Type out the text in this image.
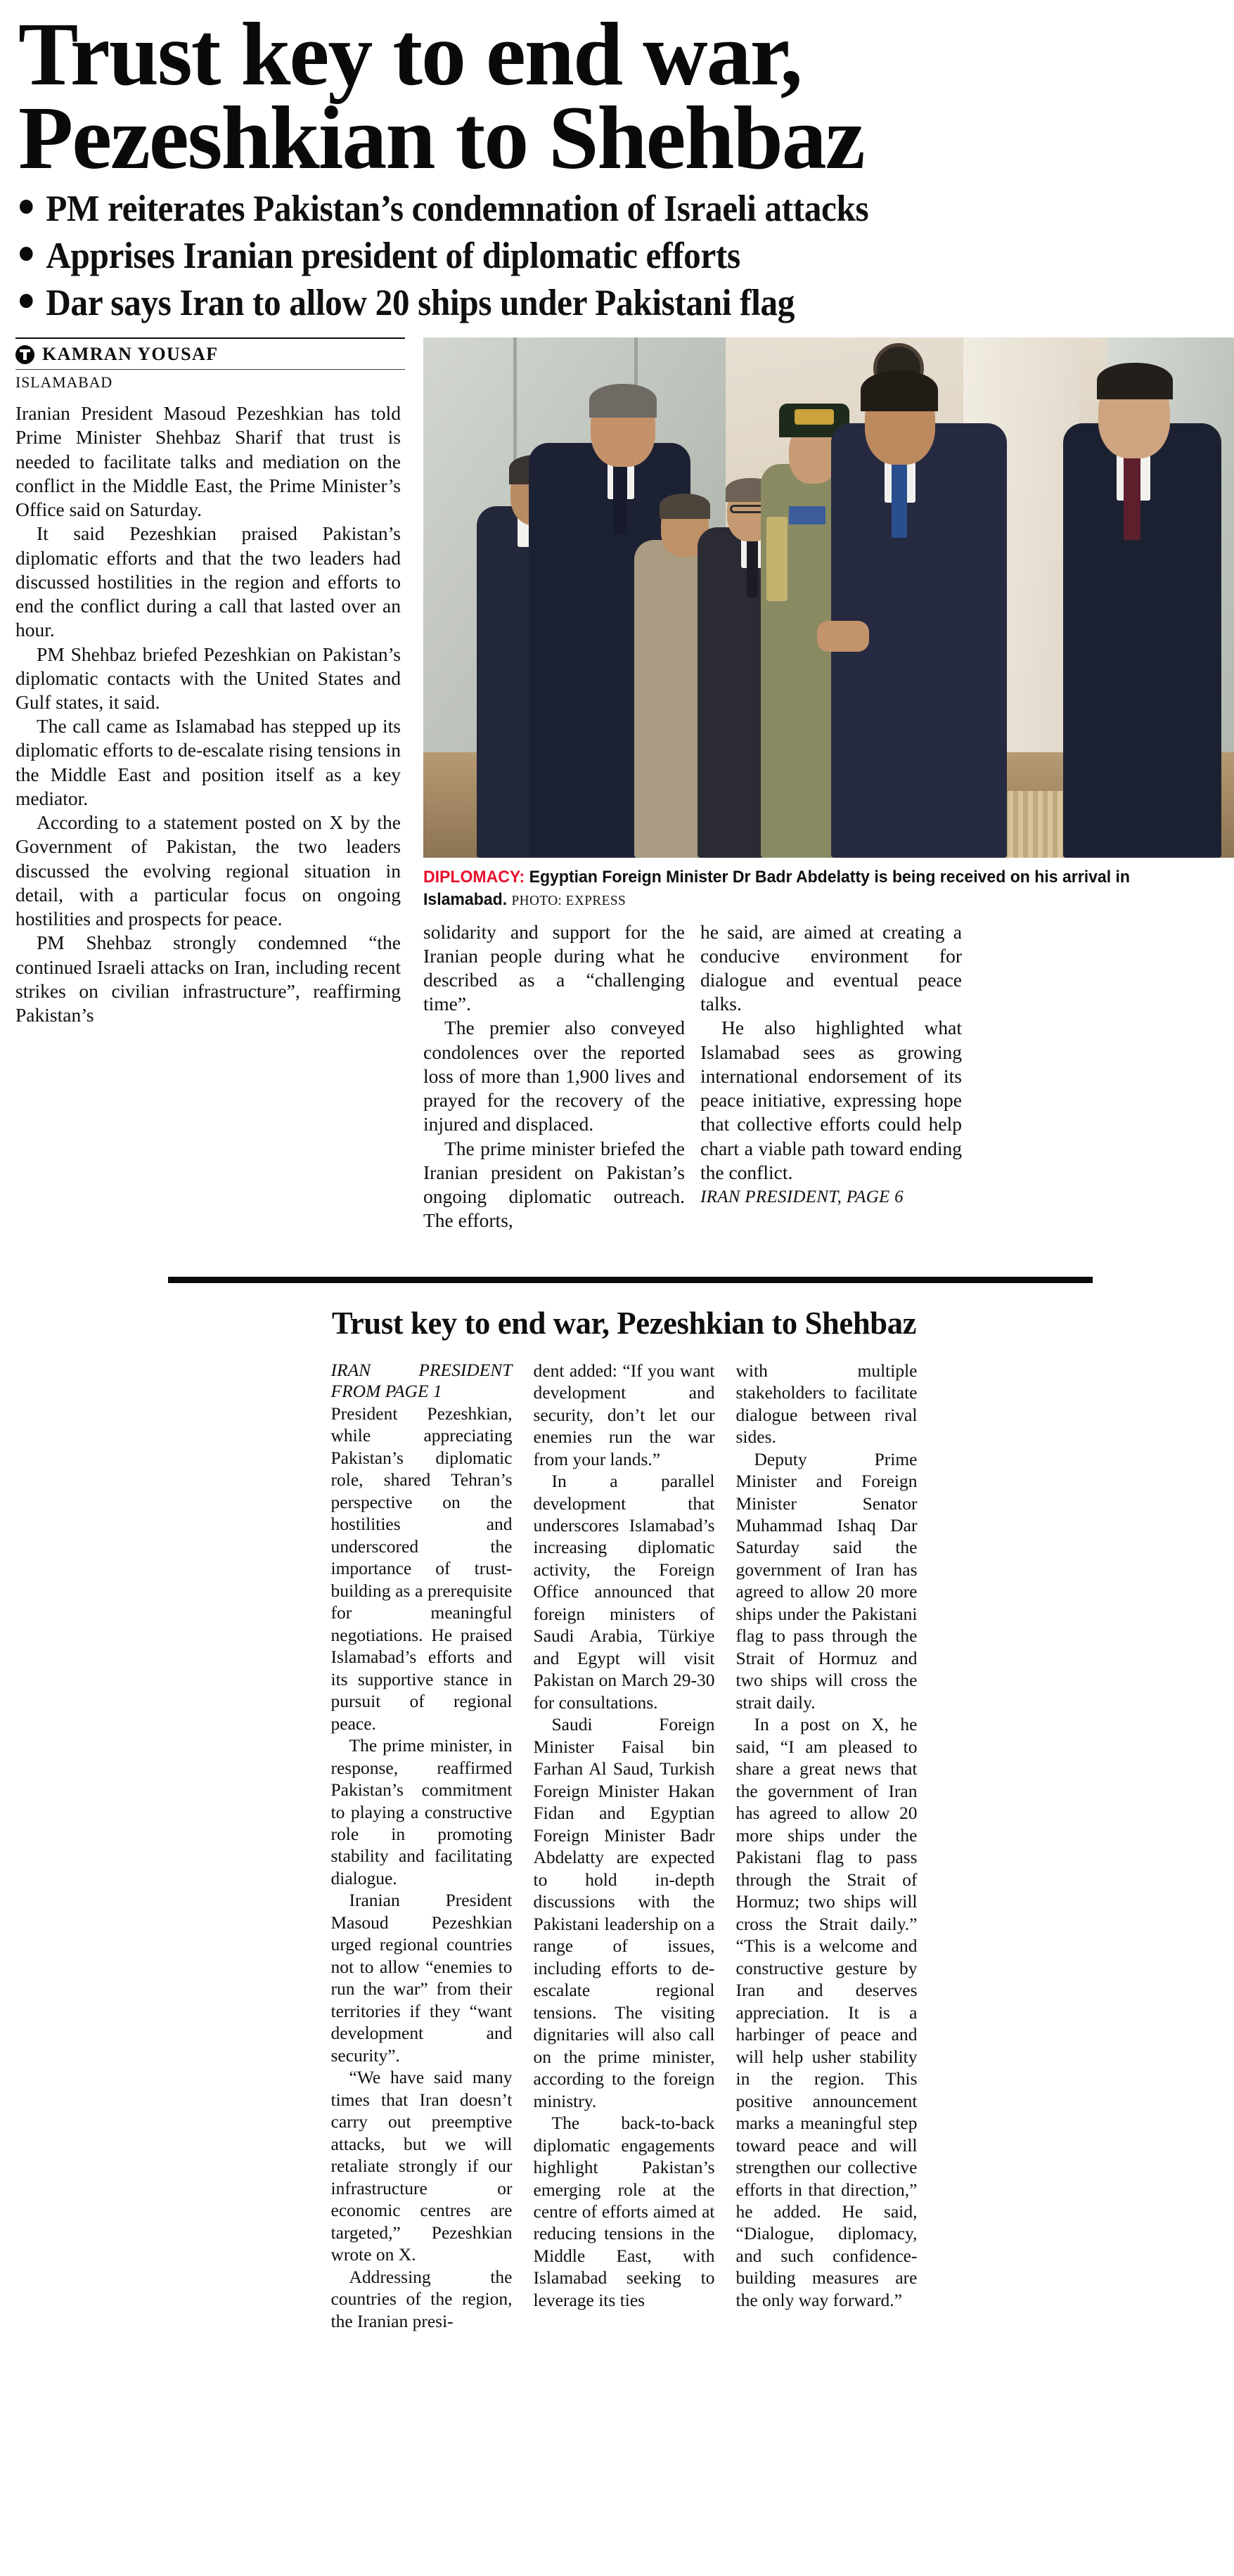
Trust key to end war,
Pezeshkian to Shehbaz
PM reiterates Pakistan’s condemnation of Israeli attacks
Apprises Iranian president of diplomatic efforts
Dar says Iran to allow 20 ships under Pakistani flag
KAMRAN YOUSAF
ISLAMABAD

Iranian President Masoud Pezeshkian has told Prime Minister Shehbaz Sharif that trust is needed to facilitate talks and mediation on the conflict in the Middle East, the Prime Minister’s Office said on Saturday.

It said Pezeshkian praised Pakistan’s diplomatic efforts and that the two leaders had discussed hostilities in the region and efforts to end the conflict during a call that lasted over an hour.

PM Shehbaz briefed Pezeshkian on Pakistan’s diplomatic contacts with the United States and Gulf states, it said.

The call came as Islamabad has stepped up its diplomatic efforts to de-escalate rising tensions in the Middle East and position itself as a key mediator.

According to a statement posted on X by the Government of Pakistan, the two leaders discussed the evolving regional situation in detail, with a particular focus on ongoing hostilities and prospects for peace.

PM Shehbaz strongly condemned “the continued Israeli attacks on Iran, including recent strikes on civilian infrastructure”, reaffirming Pakistan’s

DIPLOMACY: Egyptian Foreign Minister Dr Badr Abdelatty is being received on his arrival in Islamabad. PHOTO: EXPRESS

solidarity and support for the Iranian people during what he described as a “challenging time”.

The premier also conveyed condolences over the reported loss of more than 1,900 lives and prayed for the recovery of the injured and displaced.

The prime minister briefed the Iranian president on Pakistan’s ongoing diplomatic outreach. The efforts,

he said, are aimed at creating a conducive environment for dialogue and eventual peace talks.

He also highlighted what Islamabad sees as growing international endorsement of its peace initiative, expressing hope that collective efforts could help chart a viable path toward ending the conflict.

IRAN PRESIDENT, PAGE 6
Trust key to end war, Pezeshkian to Shehbaz
IRAN PRESIDENT FROM PAGE 1

President Pezeshkian, while appreciating Pakistan’s diplomatic role, shared Tehran’s perspective on the hostilities and underscored the importance of trust-building as a prerequisite for meaningful negotiations. He praised Islamabad’s efforts and its supportive stance in pursuit of regional peace.

The prime minister, in response, reaffirmed Pakistan’s commitment to playing a constructive role in promoting stability and facilitating dialogue.

Iranian President Masoud Pezeshkian urged regional countries not to allow “enemies to run the war” from their territories if they “want development and security”.

“We have said many times that Iran doesn’t carry out preemptive attacks, but we will retaliate strongly if our infrastructure or economic centres are targeted,” Pezeshkian wrote on X.

Addressing the countries of the region, the Iranian presi-

dent added: “If you want development and security, don’t let our enemies run the war from your lands.”

In a parallel development that underscores Islamabad’s increasing diplomatic activity, the Foreign Office announced that foreign ministers of Saudi Arabia, Türkiye and Egypt will visit Pakistan on March 29-30 for consultations.

Saudi Foreign Minister Faisal bin Farhan Al Saud, Turkish Foreign Minister Hakan Fidan and Egyptian Foreign Minister Badr Abdelatty are expected to hold in-depth discussions with the Pakistani leadership on a range of issues, including efforts to de-escalate regional tensions. The visiting dignitaries will also call on the prime minister, according to the foreign ministry.

The back-to-back diplomatic engagements highlight Pakistan’s emerging role at the centre of efforts aimed at reducing tensions in the Middle East, with Islamabad seeking to leverage its ties

with multiple stakeholders to facilitate dialogue between rival sides.

Deputy Prime Minister and Foreign Minister Senator Muhammad Ishaq Dar Saturday said the government of Iran has agreed to allow 20 more ships under the Pakistani flag to pass through the Strait of Hormuz and two ships will cross the strait daily.

In a post on X, he said, “I am pleased to share a great news that the government of Iran has agreed to allow 20 more ships under the Pakistani flag to pass through the Strait of Hormuz; two ships will cross the Strait daily.” “This is a welcome and constructive gesture by Iran and deserves appreciation. It is a harbinger of peace and will help usher stability in the region. This positive announcement marks a meaningful step toward peace and will strengthen our collective efforts in that direction,” he added. He said, “Dialogue, diplomacy, and such confidence-building measures are the only way forward.”
